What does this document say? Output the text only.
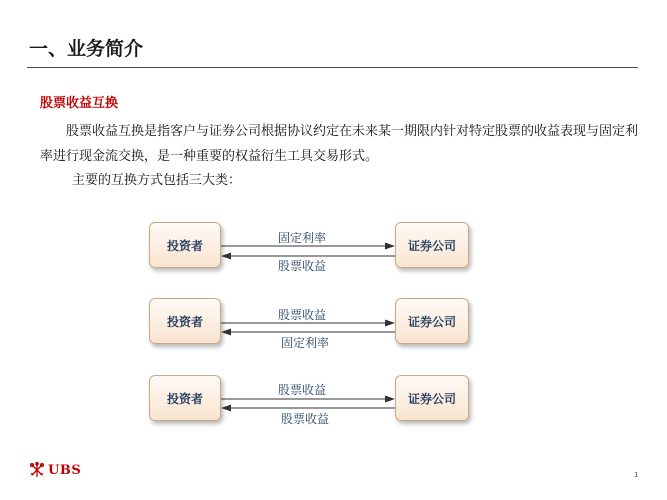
一、业务简介
股票收益互换
股票收益互换是指客户与证券公司根据协议约定在未来某一期限内针对特定股票的收益表现与固定利率进行现金流交换，是一种重要的权益衍生工具交易形式。
主要的互换方式包括三大类：
投资者	证券公司
固定利率
股票收益
投资者	证券公司
股票收益
固定利率
投资者	证券公司
股票收益
股票收益
UBS	1
